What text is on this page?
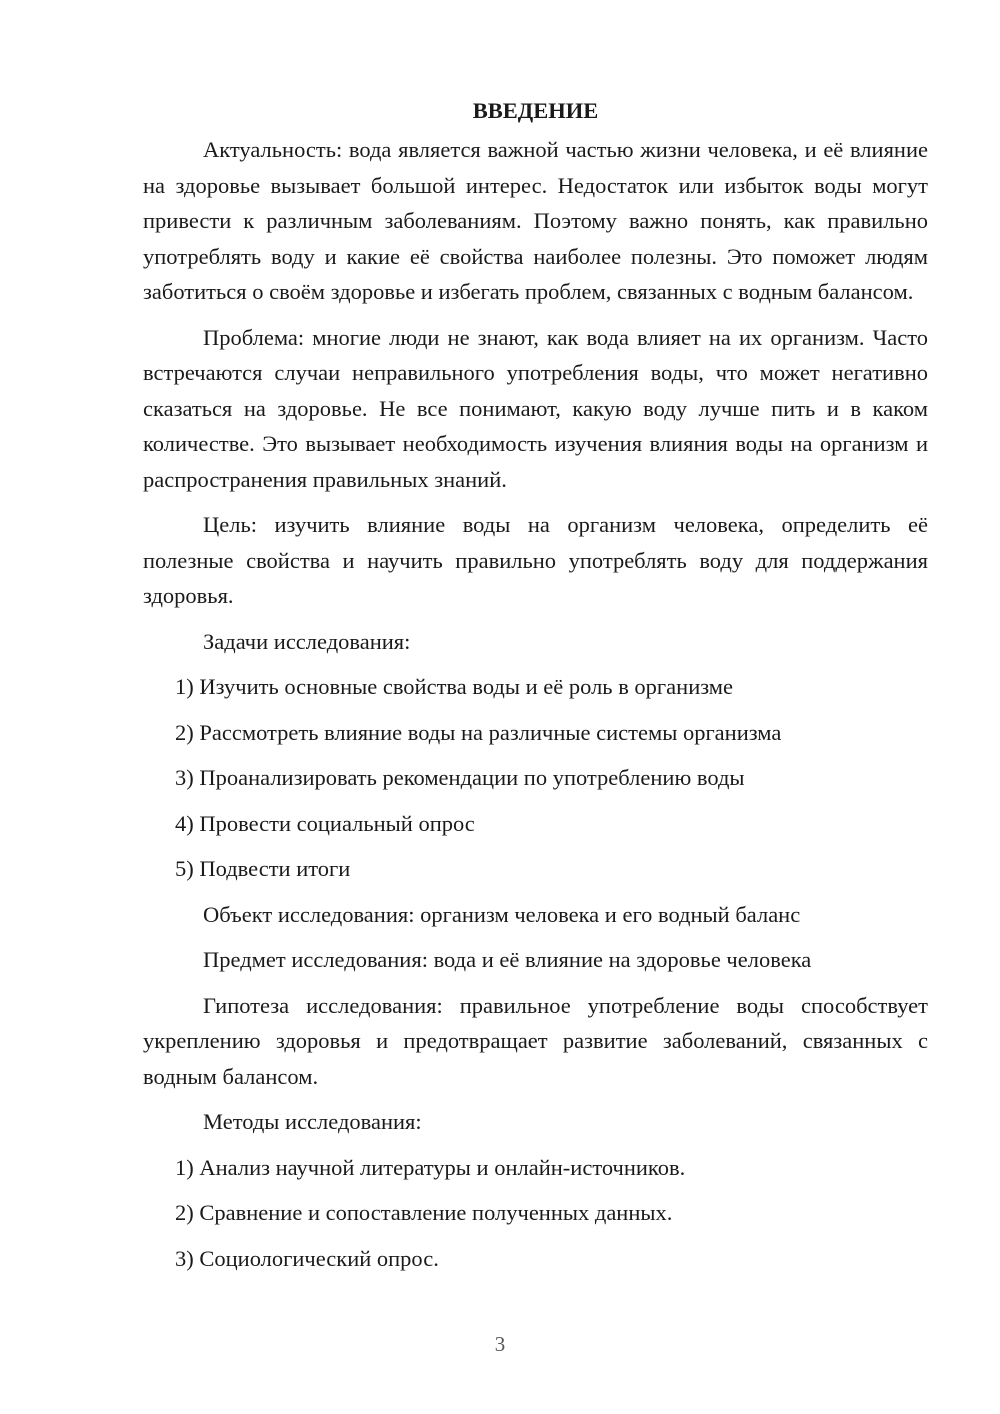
ВВЕДЕНИЕ

Актуальность: вода является важной частью жизни человека, и её влияние на здоровье вызывает большой интерес. Недостаток или избыток воды могут привести к различным заболеваниям. Поэтому важно понять, как правильно употреблять воду и какие её свойства наиболее полезны. Это поможет людям заботиться о своём здоровье и избегать проблем, связанных с водным балансом.

Проблема: многие люди не знают, как вода влияет на их организм. Часто встречаются случаи неправильного употребления воды, что может негативно сказаться на здоровье. Не все понимают, какую воду лучше пить и в каком количестве. Это вызывает необходимость изучения влияния воды на организм и распространения правильных знаний.

Цель: изучить влияние воды на организм человека, определить её полезные свойства и научить правильно употреблять воду для поддержания здоровья.

Задачи исследования:

1) Изучить основные свойства воды и её роль в организме

2) Рассмотреть влияние воды на различные системы организма

3) Проанализировать рекомендации по употреблению воды

4) Провести социальный опрос

5) Подвести итоги

Объект исследования: организм человека и его водный баланс

Предмет исследования: вода и её влияние на здоровье человека

Гипотеза исследования: правильное употребление воды способствует укреплению здоровья и предотвращает развитие заболеваний, связанных с водным балансом.

Методы исследования:

1) Анализ научной литературы и онлайн-источников.

2) Сравнение и сопоставление полученных данных.

3) Социологический опрос.

3
